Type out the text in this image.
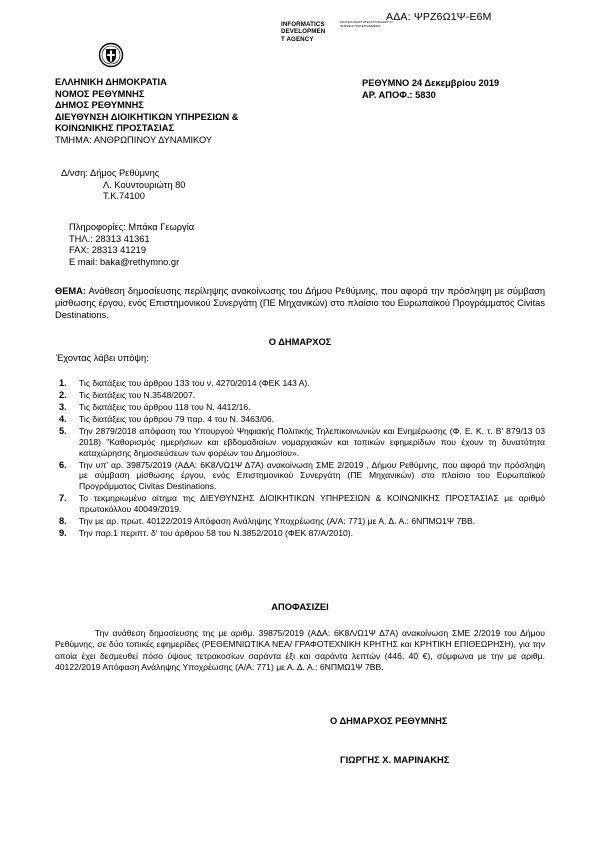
ΑΔΑ: ΨΡΖ6Ω1Ψ-Ε6Μ
INFORMATICS
DEVELOPMEN
T AGENCY
ΔΙΑΥΓΕΙΑ ΑΝΑΡΤΗΤΕΑ ΣΤΟ ΔΙΑΔΙΚΤΥΟ ΨΗΦΙΑΚΑ ΥΠΟΓΕΓΡΑΜΜΕΝΟ
ΕΛΛΗΝΙΚΗ ΔΗΜΟΚΡΑΤΙΑ
ΝΟΜΟΣ ΡΕΘΥΜΝΗΣ
ΔΗΜΟΣ ΡΕΘΥΜΝΗΣ
ΔΙΕΥΘΥΝΣΗ ΔΙΟΙΚΗΤΙΚΩΝ ΥΠΗΡΕΣΙΩΝ &
ΚΟΙΝΩΝΙΚΗΣ ΠΡΟΣΤΑΣΙΑΣ
ΤΜΗΜΑ: ΑΝΘΡΩΠΙΝΟΥ ΔΥΝΑΜΙΚΟΥ
ΡΕΘΥΜΝΟ 24 Δεκεμβρίου 2019
ΑΡ. ΑΠΟΦ.: 5830
Δ/νση: Δήμος Ρεθύμνης
Λ. Κουντουριώτη 80
Τ.Κ.74100
Πληροφορίες: Μπάκα Γεωργία
ΤΗΛ.: 28313 41361
FAX: 28313 41219
E mail: baka@rethymno.gr
ΘΕΜΑ: Ανάθεση δημοσίευσης περίληψης ανακοίνωσης του Δήμου Ρεθύμνης, που αφορά την πρόσληψη με σύμβαση μίσθωσης έργου, ενός Επιστημονικού Συνεργάτη (ΠΕ Μηχανικών) στο πλαίσιο του Ευρωπαϊκού Προγράμματος Civitas Destinations.
Ο ΔΗΜΑΡΧΟΣ
Έχοντας λάβει υπόψη:
1. Τις διατάξεις του άρθρου 133 του ν. 4270/2014 (ΦΕΚ 143 Α).
2. Τις διατάξεις του Ν.3548/2007.
3. Τις διατάξεις του άρθρου 118 του Ν. 4412/16.
4. Τις διατάξεις του άρθρου 79 παρ. 4 του Ν. 3463/06.
5. Την 2879/2018 απόφαση του Υπουργού Ψηφιακής Πολιτικής Τηλεπικοινωνιών και Ενημέρωσης (Φ. Ε. Κ. τ. Β' 879/13 03 2018) "Καθορισμός ημερήσιων και εβδομαδιαίων νομαρχιακών και τοπικών εφημερίδων που έχουν τη δυνατότητα καταχώρησης δημοσιεύσεων των φορέων του Δημοσίου».
6. Την υπ' αρ. 39875/2019 (ΑΔΑ: 6Κ8Λ/Ω1Ψ Δ7Α) ανακοίνωση ΣΜΕ 2/2019 , Δήμου Ρεθύμνης, που αφορά την πρόσληψη με σύμβαση μίσθωσης έργου, ενός Επιστημονικού Συνεργάτη (ΠΕ Μηχανικών) στο πλαίσιο του Ευρωπαϊκού Προγράμματος Civitas Destinations.
7. Το τεκμηριωμένο αίτημα της ΔΙΕΥΘΥΝΣΗΣ ΔΙΟΙΚΗΤΙΚΩΝ ΥΠΗΡΕΣΙΩΝ & ΚΟΙΝΩΝΙΚΗΣ ΠΡΟΣΤΑΣΙΑΣ με αριθμό πρωτοκόλλου 40049/2019.
8. Την με αρ. πρωτ. 40122/2019 Απόφαση Ανάληψης Υποχρέωσης (Α/Α: 771) με Α. Δ. Α.: 6ΝΠΜΩ1Ψ 7ΒΒ.
9. Την παρ.1 περιπτ. δ' του άρθρου 58 του Ν.3852/2010 (ΦΕΚ 87/Α/2010).
ΑΠΟΦΑΣΙΖΕΙ
Την ανάθεση δημοσίευσης της με αριθμ. 39875/2019 (ΑΔΑ: 6Κ8Λ/Ω1Ψ Δ7Α) ανακοίνωση ΣΜΕ 2/2019 του Δήμου Ρεθύμνης, σε δύο τοπικές εφημερίδες (ΡΕΘΕΜΝΙΩΤΙΚΑ ΝΕΑ/ ΓΡΑΦΟΤΕΧΝΙΚΗ ΚΡΗΤΗΣ και ΚΡΗΤΙΚΗ ΕΠΙΘΕΩΡΗΣΗ), για την οποία έχει δεσμευθεί πόσο ύψους τετρακοσίων σαράντα έξι και σαράντα λεπτών (446, 40 €), σύμφωνα με την με αριθμ. 40122/2019 Απόφαση Ανάληψης Υποχρέωσης (Α/Α: 771) με Α. Δ. Α.: 6ΝΠΜΩ1Ψ 7ΒΒ.
Ο ΔΗΜΑΡΧΟΣ ΡΕΘΥΜΝΗΣ
ΓΙΩΡΓΗΣ Χ. ΜΑΡΙΝΑΚΗΣ
